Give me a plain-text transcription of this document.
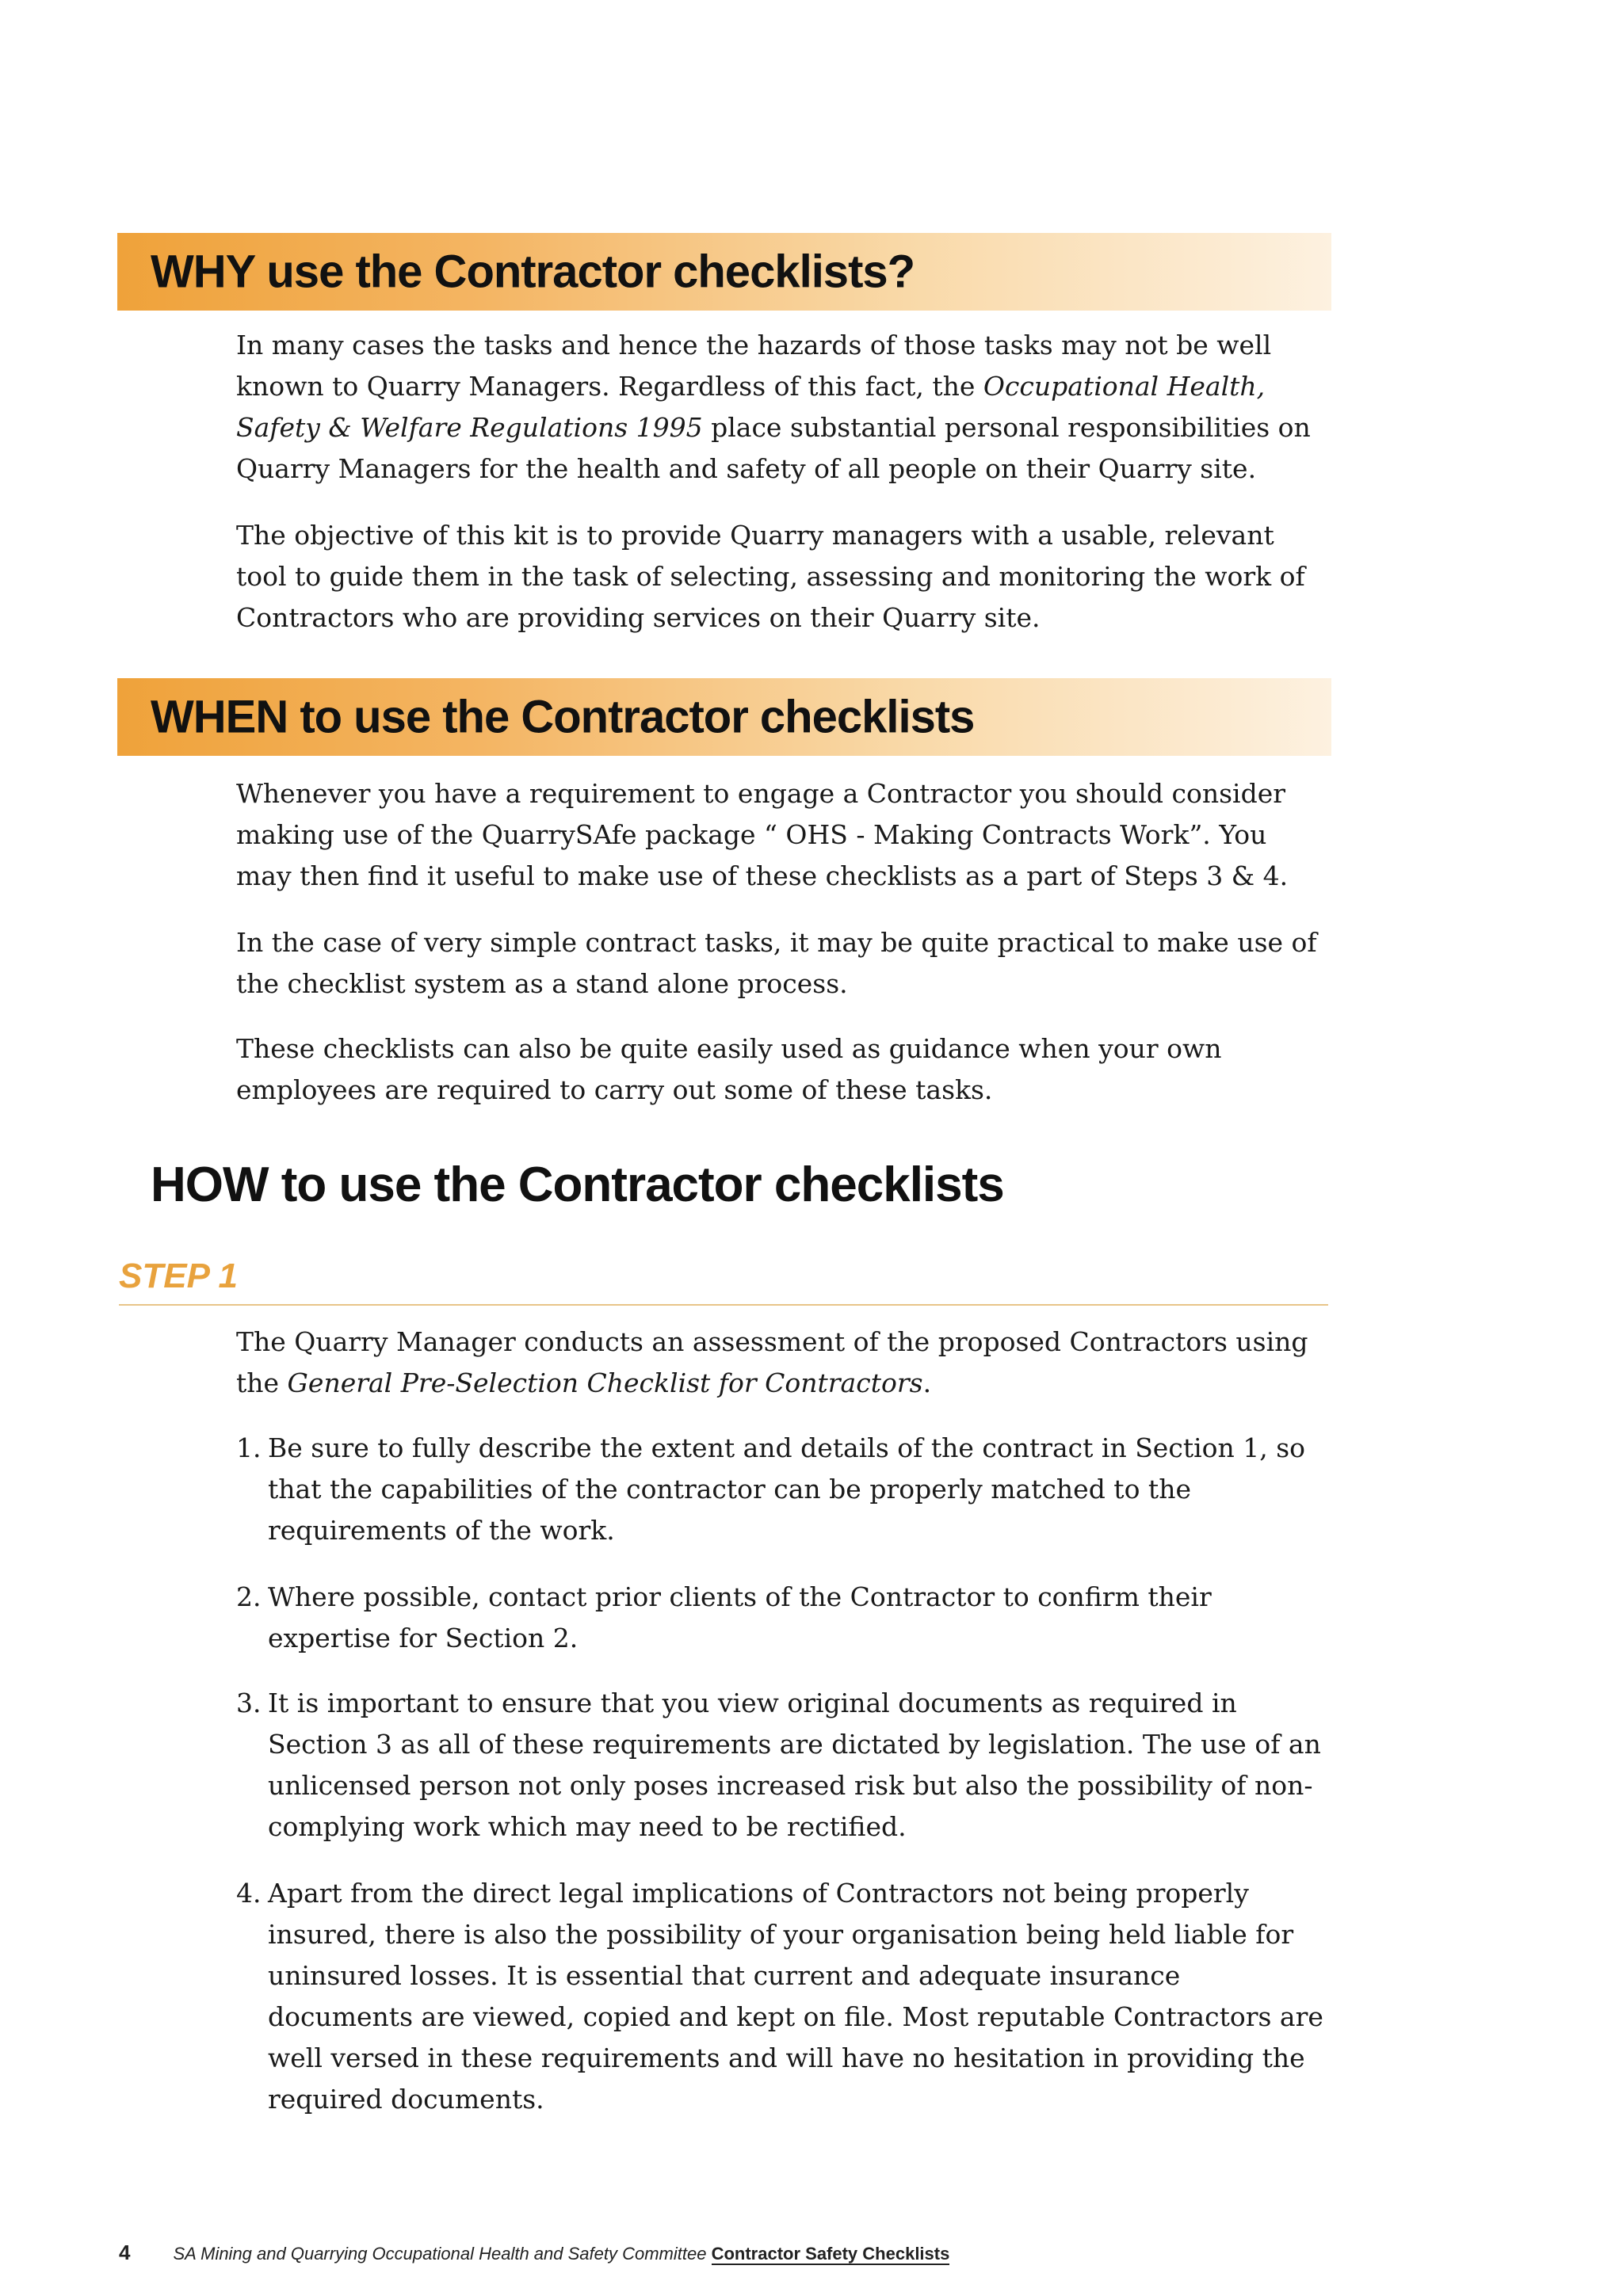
WHY use the Contractor checklists?

In many cases the tasks and hence the hazards of those tasks may not be well known to Quarry Managers. Regardless of this fact, the Occupational Health, Safety & Welfare Regulations 1995 place substantial personal responsibilities on Quarry Managers for the health and safety of all people on their Quarry site.

The objective of this kit is to provide Quarry managers with a usable, relevant tool to guide them in the task of selecting, assessing and monitoring the work of Contractors who are providing services on their Quarry site.

WHEN to use the Contractor checklists

Whenever you have a requirement to engage a Contractor you should consider making use of the QuarrySAfe package “ OHS - Making Contracts Work”. You may then find it useful to make use of these checklists as a part of Steps 3 & 4.

In the case of very simple contract tasks, it may be quite practical to make use of the checklist system as a stand alone process.

These checklists can also be quite easily used as guidance when your own employees are required to carry out some of these tasks.

HOW to use the Contractor checklists

STEP 1

The Quarry Manager conducts an assessment of the proposed Contractors using the General Pre-Selection Checklist for Contractors.

1. Be sure to fully describe the extent and details of the contract in Section 1, so that the capabilities of the contractor can be properly matched to the requirements of the work.
2. Where possible, contact prior clients of the Contractor to confirm their expertise for Section 2.
3. It is important to ensure that you view original documents as required in Section 3 as all of these requirements are dictated by legislation. The use of an unlicensed person not only poses increased risk but also the possibility of non-complying work which may need to be rectified.
4. Apart from the direct legal implications of Contractors not being properly insured, there is also the possibility of your organisation being held liable for uninsured losses. It is essential that current and adequate insurance documents are viewed, copied and kept on file. Most reputable Contractors are well versed in these requirements and will have no hesitation in providing the required documents.
4 SA Mining and Quarrying Occupational Health and Safety Committee Contractor Safety Checklists
